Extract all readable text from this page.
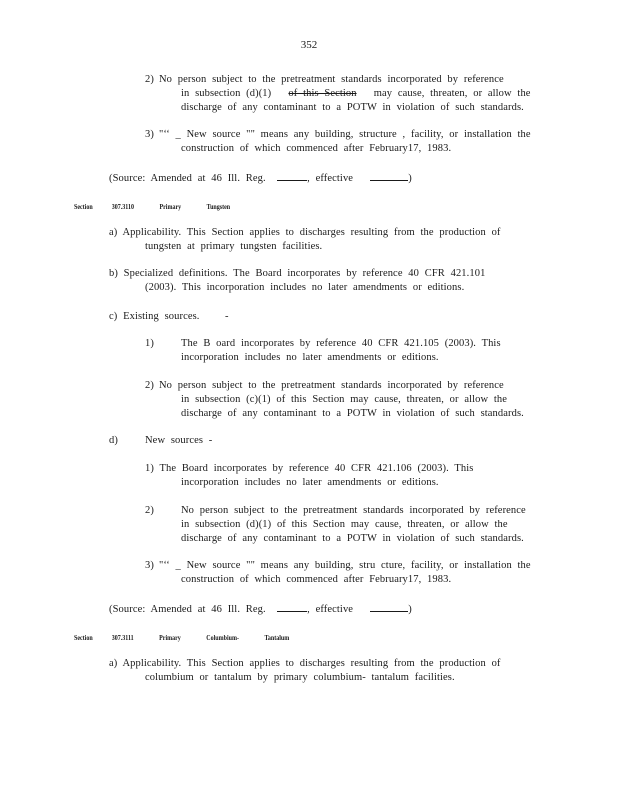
352
2) No person subject to the pretreatment standards incorporated by reference
in subsection (d)(1) of this Section may cause, threaten, or allow the
discharge of any contaminant to a POTW in violation of such standards.
3) "‘‘ _ New source "" means any building, structure , facility, or installation the
construction of which commenced after February17, 1983.
(Source: Amended at 46 Ill. Reg.	, effective	)
Section	307.3110	Primary	Tungsten
a) Applicability. This Section applies to discharges resulting from the production of
tungsten at primary tungsten facilities.
b) Specialized definitions. The Board incorporates by reference 40 CFR 421.101
(2003). This incorporation includes no later amendments or editions.
c) Existing sources. -
1)	The B oard incorporates by reference 40 CFR 421.105 (2003). This
incorporation includes no later amendments or editions.
2) No person subject to the pretreatment standards incorporated by reference
in subsection (c)(1) of this Section may cause, threaten, or allow the
discharge of any contaminant to a POTW in violation of such standards.
d)	New sources -
1) The Board incorporates by reference 40 CFR 421.106 (2003). This
incorporation includes no later amendments or editions.
2)	No person subject to the pretreatment standards incorporated by reference
in subsection (d)(1) of this Section may cause, threaten, or allow the
discharge of any contaminant to a POTW in violation of such standards.
3) "‘‘ _ New source "" means any building, stru cture, facility, or installation the
construction of which commenced after February17, 1983.
(Source: Amended at 46 Ill. Reg.	, effective	)
Section	307.3111	Primary	Columbium-	Tantalum
a) Applicability. This Section applies to discharges resulting from the production of
columbium or tantalum by primary columbium- tantalum facilities.
